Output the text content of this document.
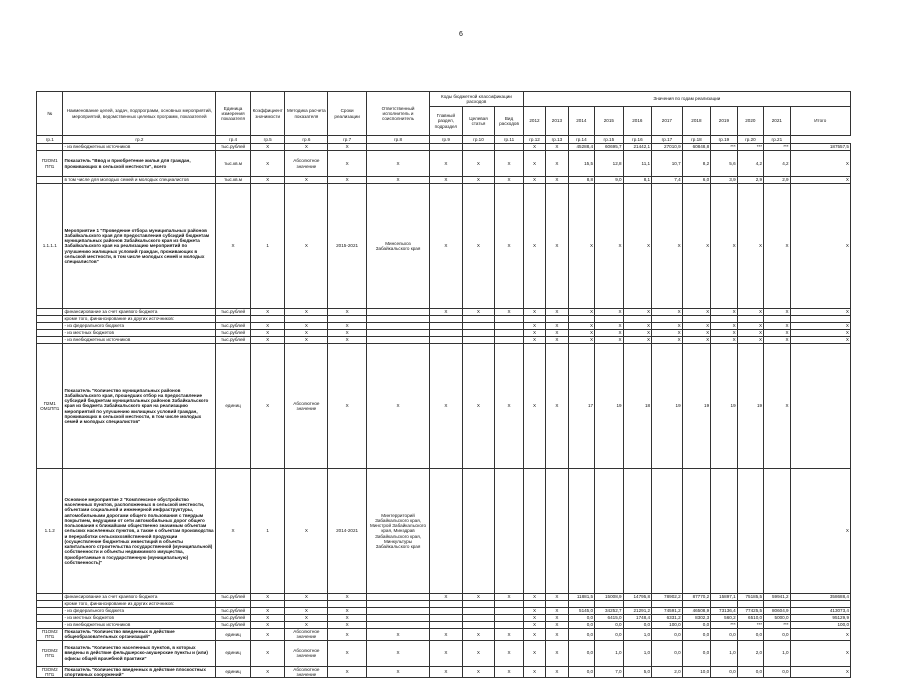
6
№	Наименование целей, задач, подпрограмм, основных мероприятий, мероприятий, ведомственных целевых программ, показателей	Единица измерения показателя	Коэффициент значимости	Методика расчета показателя	Сроки реализации	Ответственный исполнитель и соисполнитель	Коды бюджетной классификации расходов			Значения по годам реализации										
							Главный раздел, подраздел	Целевая статья	Вид расходов	2012	2013	2014	2015	2016	2017	2018	2019	2020	2021	Итого
гр.1	гр.2	гр.4	гр.5	гр.6	гр.7	гр.8	гр.9	гр.10	гр.11	гр.12	гр.13	гр.14	гр.15	гр.16	гр.17	гр.18	гр.19	гр.20	гр.21	
	- из внебюджетных источников	тыс.рублей	Х	Х	Х					Х	Х	45288,4	60695,7	21442,1	27010,9	60848,8	***	***	***	187557,5
П2ОМ1 ПП1	Показатель "Ввод и приобретение жилья для граждан, проживающих в сельской местности", всего	тыс.кв.м	Х	Абсолютное значение	Х	Х	Х	Х	Х	Х	Х	15,5	12,8	11,1	10,7	8,2	5,6	4,2	4,2	Х
	в том числе для молодых семей и молодых специалистов	тыс.кв.м	Х	Х	Х	Х	Х	Х	Х	Х	Х	8,8	9,0	8,1	7,4	6,0	3,9	2,9	2,9	Х
1.1.1.1	Мероприятие 1 "Проведение отбора муниципальных районов Забайкальского края для предоставления субсидий бюджетам муниципальных районов Забайкальского края из бюджета Забайкальского края на реализацию мероприятий по улучшению жилищных условий граждан, проживающих в сельской местности, в том числе молодых семей и молодых специалистов"	Х	1	Х	2015-2021	Минсельхоз Забайкальского края	Х	Х	Х	Х	Х	Х	Х	Х	Х	Х	Х	Х	Х	Х
	финансирование за счет краевого бюджета	тыс.рублей	Х	Х	Х		Х	Х	Х	Х	Х	Х	Х	Х	Х	Х	Х	Х	Х	Х
	кроме того, финансирование из других источников:																			
	- из федерального бюджета	тыс.рублей	Х	Х	Х					Х	Х	Х	Х	Х	Х	Х	Х	Х	Х	Х
	- из местных бюджетов	тыс.рублей	Х	Х	Х					Х	Х	Х	Х	Х	Х	Х	Х	Х	Х	Х
	- из внебюджетных источников	тыс.рублей	Х	Х	Х					Х	Х	Х	Х	Х	Х	Х	Х	Х	Х	Х
П2М1 ОМ1ПП1	Показатель "Количество муниципальных районов Забайкальского края, прошедших отбор на предоставление субсидий бюджетам муниципальных районов Забайкальского края из бюджета Забайкальского края на реализацию мероприятий по улучшению жилищных условий граждан, проживающих в сельской местности, в том числе молодых семей и молодых специалистов"	единиц	Х	Абсолютное значение	Х	Х	Х	Х	Х	Х	Х	17	19	18	19	19	19	19	Х	
1.1.2	Основное мероприятие 2 "Комплексное обустройство населенных пунктов, расположенных в сельской местности, объектами социальной и инженерной инфраструктуры, автомобильными дорогами общего пользования с твердым покрытием, ведущими от сети автомобильных дорог общего пользования к ближайшим общественно значимым объектам сельских населенных пунктов, а также к объектам производства и переработки сельскохозяйственной продукции (осуществление бюджетных инвестиций в объекты капитального строительства государственной (муниципальной) собственности и объекты недвижимого имущества, приобретаемые в государственную (муниципальную) собственность)"	Х	1	Х	2014-2021	Минтерриторий Забайкальского края, Минстрой Забайкальского края, Минздрав Забайкальского края, Минкультуры Забайкальского края														Х
	финансирование за счет краевого бюджета	тыс.рублей	Х	Х	Х		Х	Х	Х	Х	Х	11881,5	15008,9	14795,8	78902,2	87770,2	15897,1	75185,5	59941,2	358688,4
	кроме того, финансирование из других источников:																			
	- из федерального бюджета	тыс.рублей	Х	Х	Х					Х	Х	5145,0	34252,7	21291,2	74591,2	46508,9	73136,4	77425,5	80604,9	413073,4
	- из местных бюджетов	тыс.рублей	Х	Х	Х					Х	Х	0,0	6415,0	1748,4	6331,2	8302,3	560,2	6510,0	5000,0	95129,9
	- из внебюджетных источников	тыс.рублей	Х	Х	Х					Х	Х	0,0	0,0	0,0	100,0	0,0	***	***	***	100,0
П1ОМ2 ПП1	Показатель "Количество введенных в действие общеобразовательных организаций"	единиц	Х	Абсолютное значение	Х	Х	Х	Х	Х	Х	Х	0,0	0,0	1,0	0,0	0,0	0,0	0,0	0,0	Х
П2ОМ2 ПП1	Показатель "Количество населенных пунктов, в которых введены в действие фельдшерско-акушерские пункты и (или) офисы общей врачебной практики"	единиц	Х	Абсолютное значение	Х	Х	Х	Х	Х	Х	Х	0,0	1,0	1,0	0,0	0,0	1,0	2,0	1,0	Х
П3ОМ2 ПП1	Показатель "Количество введенных в действие плоскостных спортивных сооружений"	единиц	Х	Абсолютное значение	Х	Х	Х	Х	Х	Х	Х	0,0	7,0	5,0	2,0	10,0	0,0	0,0	0,0	Х
